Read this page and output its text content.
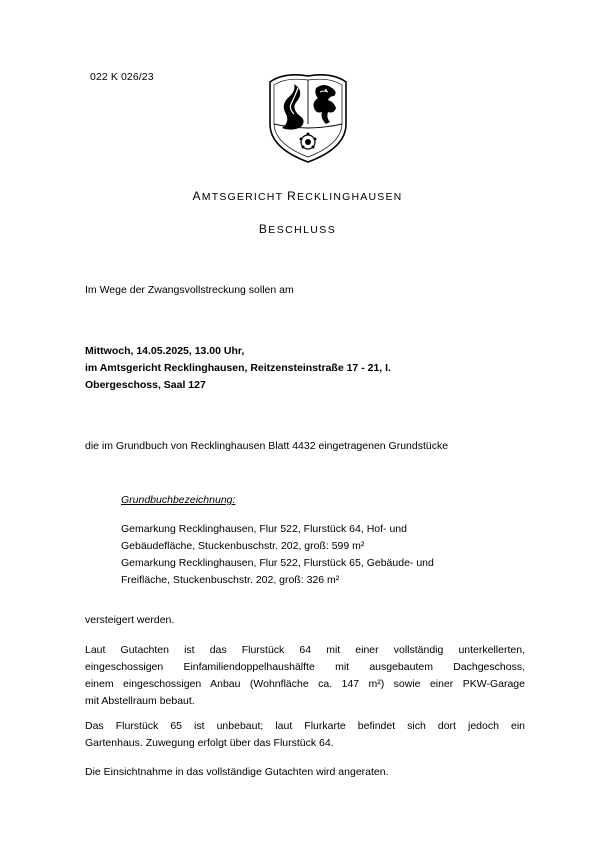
022 K 026/23
AMTSGERICHT RECKLINGHAUSEN
BESCHLUSS
Im Wege der Zwangsvollstreckung sollen am
Mittwoch, 14.05.2025, 13.00 Uhr,
im Amtsgericht Recklinghausen, Reitzensteinstraße 17 - 21, I.
Obergeschoss, Saal 127
die im Grundbuch von Recklinghausen Blatt 4432 eingetragenen Grundstücke
Grundbuchbezeichnung:
Gemarkung Recklinghausen, Flur 522, Flurstück 64, Hof- und
Gebäudefläche, Stuckenbuschstr. 202, groß: 599 m²
Gemarkung Recklinghausen, Flur 522, Flurstück 65, Gebäude- und
Freifläche, Stuckenbuschstr. 202, groß: 326 m²
versteigert werden.
Laut Gutachten ist das Flurstück 64 mit einer vollständig unterkellerten,
eingeschossigen Einfamiliendoppelhaushälfte mit ausgebautem Dachgeschoss,
einem eingeschossigen Anbau (Wohnfläche ca. 147 m²) sowie einer PKW-Garage
mit Abstellraum bebaut.
Das Flurstück 65 ist unbebaut; laut Flurkarte befindet sich dort jedoch ein
Gartenhaus. Zuwegung erfolgt über das Flurstück 64.
Die Einsichtnahme in das vollständige Gutachten wird angeraten.
